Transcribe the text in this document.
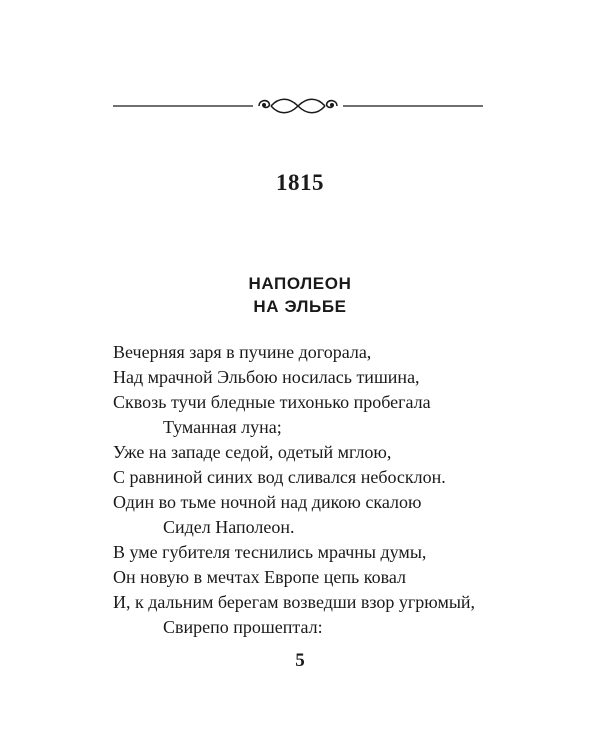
1815
НАПОЛЕОН
НА ЭЛЬБЕ
Вечерняя заря в пучине догорала,
Над мрачной Эльбою носилась тишина,
Сквозь тучи бледные тихонько пробегала
Туманная луна;
Уже на западе седой, одетый мглою,
С равниной синих вод сливался небосклон.
Один во тьме ночной над дикою скалою
Сидел Наполеон.
В уме губителя теснились мрачны думы,
Он новую в мечтах Европе цепь ковал
И, к дальним берегам возведши взор угрюмый,
Свирепо прошептал:
5
